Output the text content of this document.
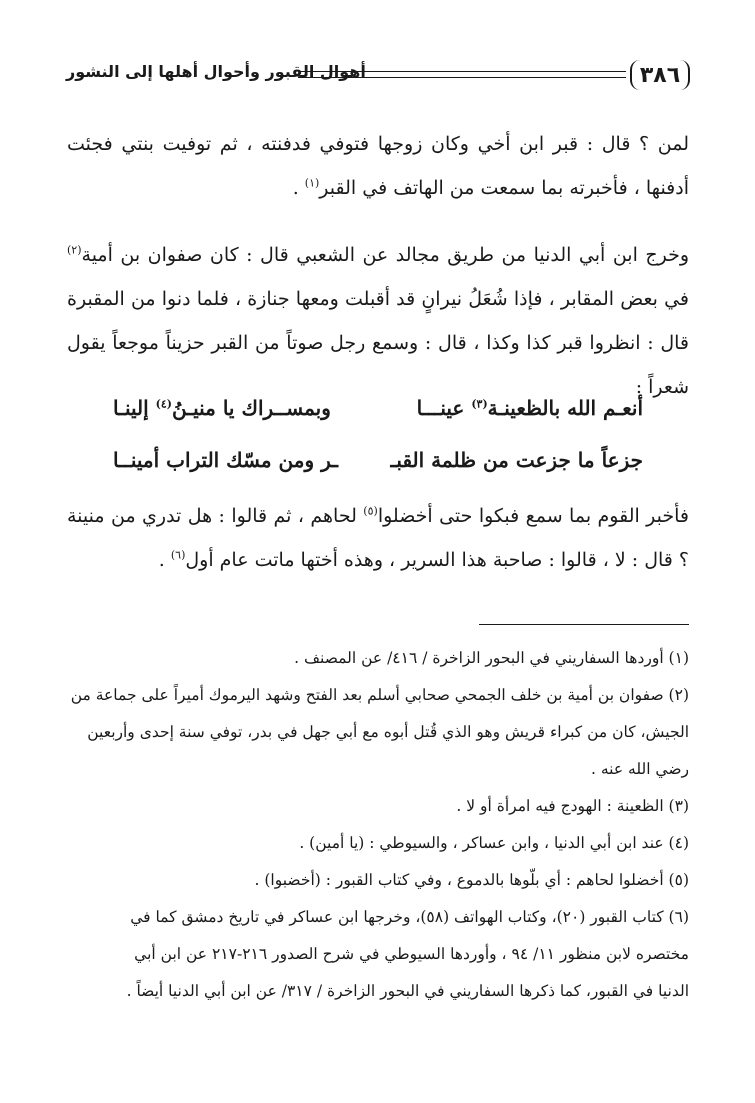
٣٨٦
أهوال القبور وأحوال أهلها إلى النشور
لمن ؟ قال : قبر ابن أخي وكان زوجها فتوفي فدفنته ، ثم توفيت بنتي فجئت أدفنها ، فأخبرته بما سمعت من الهاتف في القبر$^{(١)}$ .
وخرج ابن أبي الدنيا من طريق مجالد عن الشعبي قال : كان صفوان بن أمية$^{(٢)}$ في بعض المقابر ، فإذا شُعَلُ نيرانٍ قد أقبلت ومعها جنازة ، فلما دنوا من المقبرة قال : انظروا قبر كذا وكذا ، قال : وسمع رجل صوتاً من القبر حزيناً موجعاً يقول شعراً :
أنعـم الله بالظعينـة$^{(٣)}$ عينـــا
وبمســراك يا منيـنُ$^{(٤)}$ إلينـا
جزعاً ما جزعت من ظلمة القبـ
ـر ومن مسّك التراب أمينــا
فأخبر القوم بما سمع فبكوا حتى أخضلوا$^{(٥)}$ لحاهم ، ثم قالوا : هل تدري من منينة ؟ قال : لا ، قالوا : صاحبة هذا السرير ، وهذه أختها ماتت عام أول$^{(٦)}$ .

(١) أوردها السفاريني في البحور الزاخرة / ٤١٦/ عن المصنف .

(٢) صفوان بن أمية بن خلف الجمحي صحابي أسلم بعد الفتح وشهد اليرموك أميراً على جماعة من
الجيش، كان من كبراء قريش وهو الذي قُتل أبوه مع أبي جهل في بدر، توفي سنة إحدى وأربعين
رضي الله عنه .

(٣) الظعينة : الهودج فيه امرأة أو لا .

(٤) عند ابن أبي الدنيا ، وابن عساكر ، والسيوطي : (يا أمين) .

(٥) أخضلوا لحاهم : أي بلّوها بالدموع ، وفي كتاب القبور : (أخضبوا) .

(٦) كتاب القبور (٢٠)، وكتاب الهواتف (٥٨)، وخرجها ابن عساكر في تاريخ دمشق كما في
مختصره لابن منظور ١١/ ٩٤ ، وأوردها السيوطي في شرح الصدور ٢١٦-٢١٧ عن ابن أبي
الدنيا في القبور، كما ذكرها السفاريني في البحور الزاخرة / ٣١٧/ عن ابن أبي الدنيا أيضاً .
